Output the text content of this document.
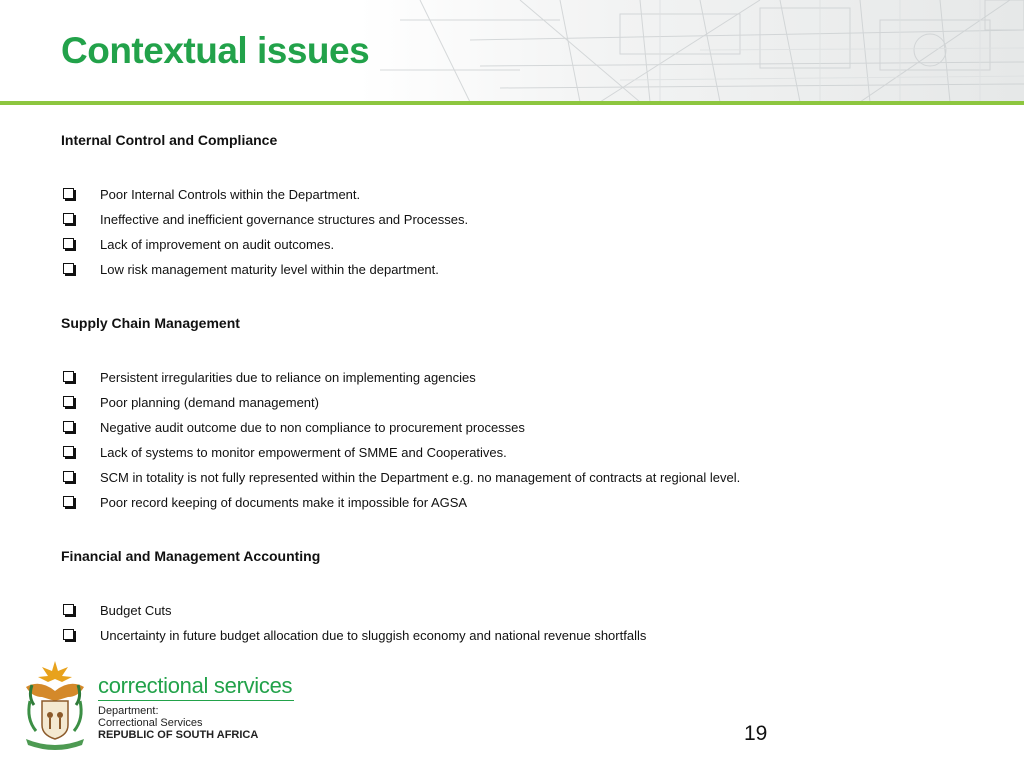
Contextual issues
Internal Control and Compliance
Poor Internal Controls within the Department.
Ineffective and inefficient governance structures and Processes.
Lack of improvement on audit outcomes.
Low risk management maturity level within the department.
Supply Chain Management
Persistent irregularities due to reliance on implementing agencies
Poor planning (demand management)
Negative audit outcome due to non compliance to procurement processes
Lack of systems to monitor empowerment of SMME and Cooperatives.
SCM in totality is not fully represented within the Department e.g. no management of contracts at regional level.
Poor record keeping of documents make it impossible for AGSA
Financial and Management Accounting
Budget Cuts
Uncertainty in future budget allocation due to sluggish economy and national revenue shortfalls
correctional services
Department:
Correctional Services
REPUBLIC OF SOUTH AFRICA	19
